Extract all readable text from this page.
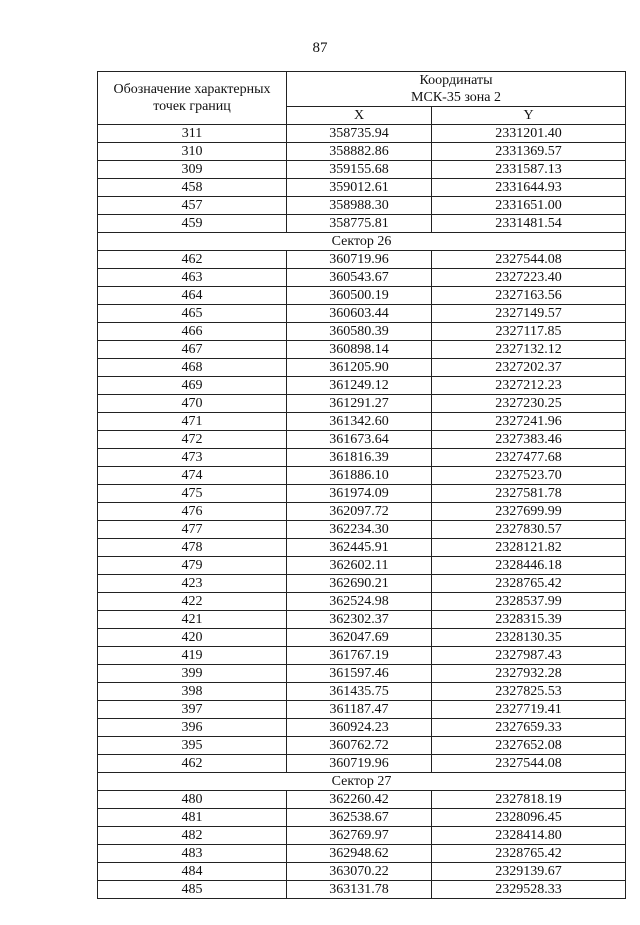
87
Обозначение характерных
точек границ	Координаты
МСК-35 зона 2	
	X	Y
311	358735.94	2331201.40
310	358882.86	2331369.57
309	359155.68	2331587.13
458	359012.61	2331644.93
457	358988.30	2331651.00
459	358775.81	2331481.54
Сектор 26		
462	360719.96	2327544.08
463	360543.67	2327223.40
464	360500.19	2327163.56
465	360603.44	2327149.57
466	360580.39	2327117.85
467	360898.14	2327132.12
468	361205.90	2327202.37
469	361249.12	2327212.23
470	361291.27	2327230.25
471	361342.60	2327241.96
472	361673.64	2327383.46
473	361816.39	2327477.68
474	361886.10	2327523.70
475	361974.09	2327581.78
476	362097.72	2327699.99
477	362234.30	2327830.57
478	362445.91	2328121.82
479	362602.11	2328446.18
423	362690.21	2328765.42
422	362524.98	2328537.99
421	362302.37	2328315.39
420	362047.69	2328130.35
419	361767.19	2327987.43
399	361597.46	2327932.28
398	361435.75	2327825.53
397	361187.47	2327719.41
396	360924.23	2327659.33
395	360762.72	2327652.08
462	360719.96	2327544.08
Сектор 27		
480	362260.42	2327818.19
481	362538.67	2328096.45
482	362769.97	2328414.80
483	362948.62	2328765.42
484	363070.22	2329139.67
485	363131.78	2329528.33
